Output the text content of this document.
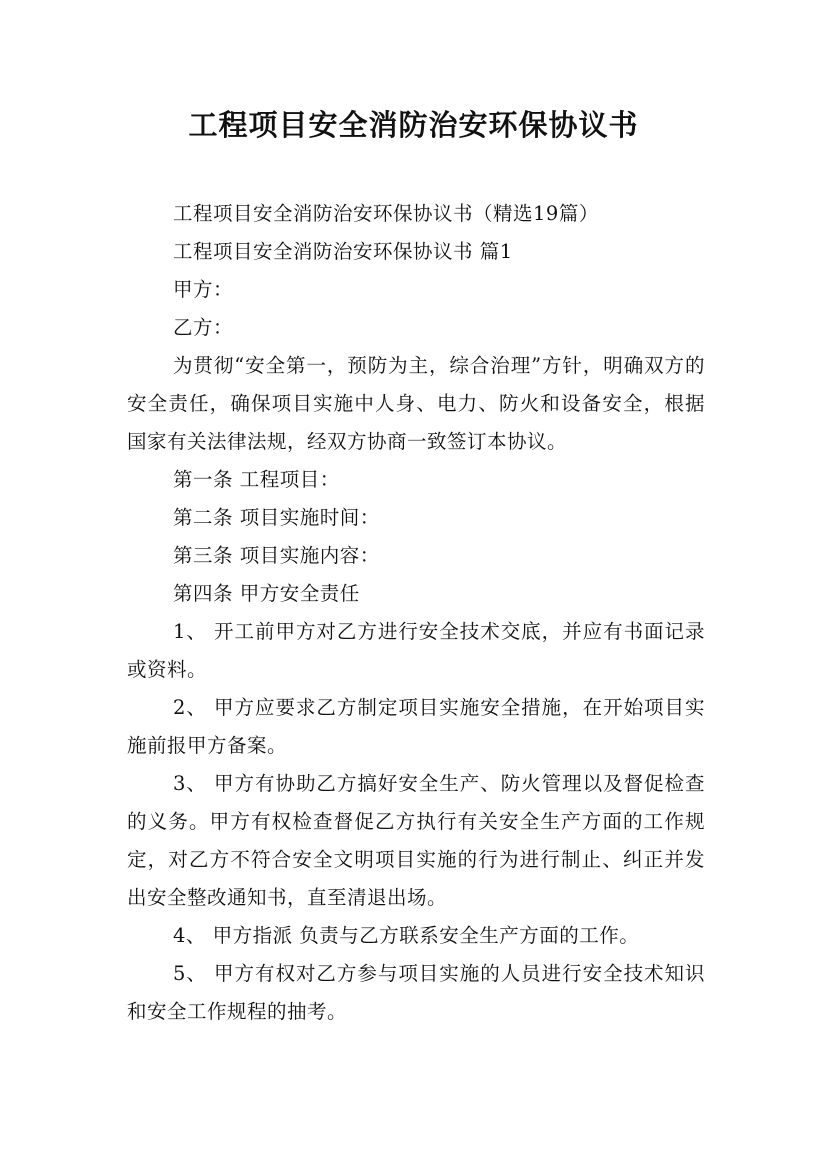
工程项目安全消防治安环保协议书

工程项目安全消防治安环保协议书（精选19篇）

工程项目安全消防治安环保协议书 篇1

甲方：

乙方：

为贯彻“安全第一，预防为主，综合治理”方针，明确双方的安全责任，确保项目实施中人身、电力、防火和设备安全，根据国家有关法律法规，经双方协商一致签订本协议。

第一条 工程项目：

第二条 项目实施时间：

第三条 项目实施内容：

第四条 甲方安全责任

1、 开工前甲方对乙方进行安全技术交底，并应有书面记录或资料。

2、 甲方应要求乙方制定项目实施安全措施，在开始项目实施前报甲方备案。

3、 甲方有协助乙方搞好安全生产、防火管理以及督促检查的义务。甲方有权检查督促乙方执行有关安全生产方面的工作规定，对乙方不符合安全文明项目实施的行为进行制止、纠正并发出安全整改通知书，直至清退出场。

4、 甲方指派 负责与乙方联系安全生产方面的工作。

5、 甲方有权对乙方参与项目实施的人员进行安全技术知识和安全工作规程的抽考。
